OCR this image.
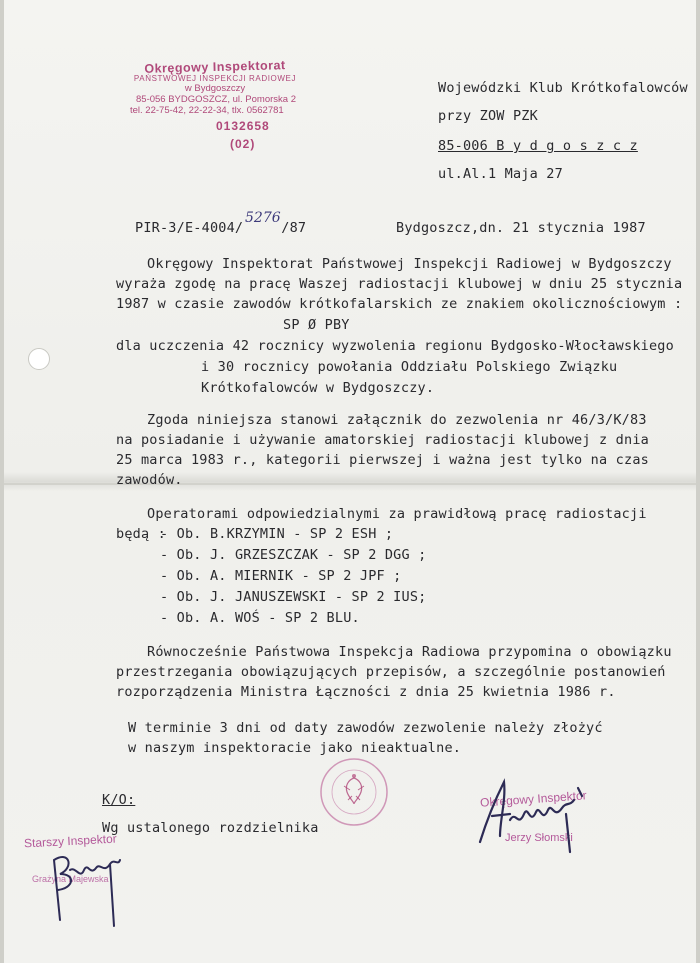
Okręgowy Inspektorat
PAŃSTWOWEJ INSPEKCJI RADIOWEJ
w Bydgoszczy
85-056 BYDGOSZCZ, ul. Pomorska 2
tel. 22-75-42, 22-22-34, tlx. 0562781
0132658 (02)
Wojewódzki Klub Krótkofalowców
przy ZOW PZK
85-006 B y d g o s z c z
ul.Al.1 Maja 27
PIR-3/E-4004/	/87
5276
Bydgoszcz,dn. 21 stycznia 1987
Okręgowy Inspektorat Państwowej Inspekcji Radiowej w Bydgoszczy
wyraża zgodę na pracę Waszej radiostacji klubowej w dniu 25 stycznia
1987 w czasie zawodów krótkofalarskich ze znakiem okolicznościowym :
SP Ø PBY
dla uczczenia 42 rocznicy wyzwolenia regionu Bydgosko-Włocławskiego
i 30 rocznicy powołania Oddziału Polskiego Związku
Krótkofalowców w Bydgoszczy.
Zgoda niniejsza stanowi załącznik do zezwolenia nr 46/3/K/83
na posiadanie i używanie amatorskiej radiostacji klubowej z dnia
25 marca 1983 r., kategorii pierwszej i ważna jest tylko na czas
zawodów.
Operatorami odpowiedzialnymi za prawidłową pracę radiostacji
będą :
- Ob. B.KRZYMIN - SP 2 ESH ;
- Ob. J. GRZESZCZAK - SP 2 DGG ;
- Ob. A. MIERNIK - SP 2 JPF ;
- Ob. J. JANUSZEWSKI - SP 2 IUS;
- Ob. A. WOŚ - SP 2 BLU.
Równocześnie Państwowa Inspekcja Radiowa przypomina o obowiązku
przestrzegania obowiązujących przepisów, a szczególnie postanowień
rozporządzenia Ministra Łączności z dnia 25 kwietnia 1986 r.
W terminie 3 dni od daty zawodów zezwolenie należy złożyć
w naszym inspektoracie jako nieaktualne.
K/O:
Wg ustalonego rozdzielnika
Starszy Inspektor
Grażyna Majewska
Okręgowy Inspektor
Jerzy Słomski
